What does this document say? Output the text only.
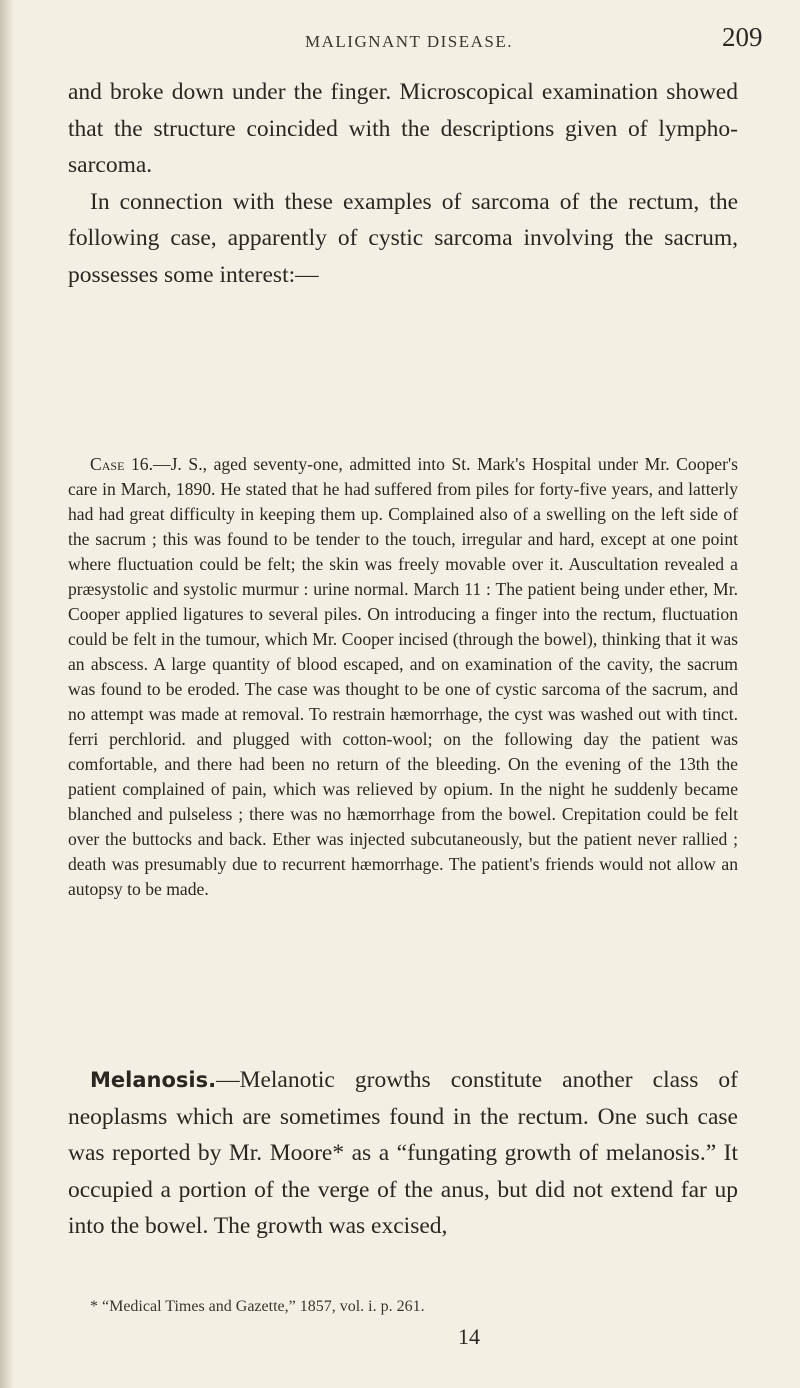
MALIGNANT DISEASE.	209

and broke down under the finger. Microscopical examination showed that the structure coincided with the descriptions given of lympho-sarcoma.

In connection with these examples of sarcoma of the rectum, the following case, apparently of cystic sarcoma involving the sacrum, possesses some interest:—

Case 16.—J. S., aged seventy-one, admitted into St. Mark's Hospital under Mr. Cooper's care in March, 1890. He stated that he had suffered from piles for forty-five years, and latterly had had great difficulty in keeping them up. Complained also of a swelling on the left side of the sacrum ; this was found to be tender to the touch, irregular and hard, except at one point where fluctuation could be felt; the skin was freely movable over it. Auscultation revealed a præsystolic and systolic murmur : urine normal. March 11 : The patient being under ether, Mr. Cooper applied ligatures to several piles. On introducing a finger into the rectum, fluctuation could be felt in the tumour, which Mr. Cooper incised (through the bowel), thinking that it was an abscess. A large quantity of blood escaped, and on examination of the cavity, the sacrum was found to be eroded. The case was thought to be one of cystic sarcoma of the sacrum, and no attempt was made at removal. To restrain hæmorrhage, the cyst was washed out with tinct. ferri perchlorid. and plugged with cotton-wool; on the following day the patient was comfortable, and there had been no return of the bleeding. On the evening of the 13th the patient complained of pain, which was relieved by opium. In the night he suddenly became blanched and pulseless ; there was no hæmorrhage from the bowel. Crepitation could be felt over the buttocks and back. Ether was injected subcutaneously, but the patient never rallied ; death was presumably due to recurrent hæmorrhage. The patient's friends would not allow an autopsy to be made.
Melanosis.—Melanotic growths constitute another class of neoplasms which are sometimes found in the rectum. One such case was reported by Mr. Moore* as a “fungating growth of melanosis.” It occupied a portion of the verge of the anus, but did not extend far up into the bowel. The growth was excised,
* “Medical Times and Gazette,” 1857, vol. i. p. 261.
14
